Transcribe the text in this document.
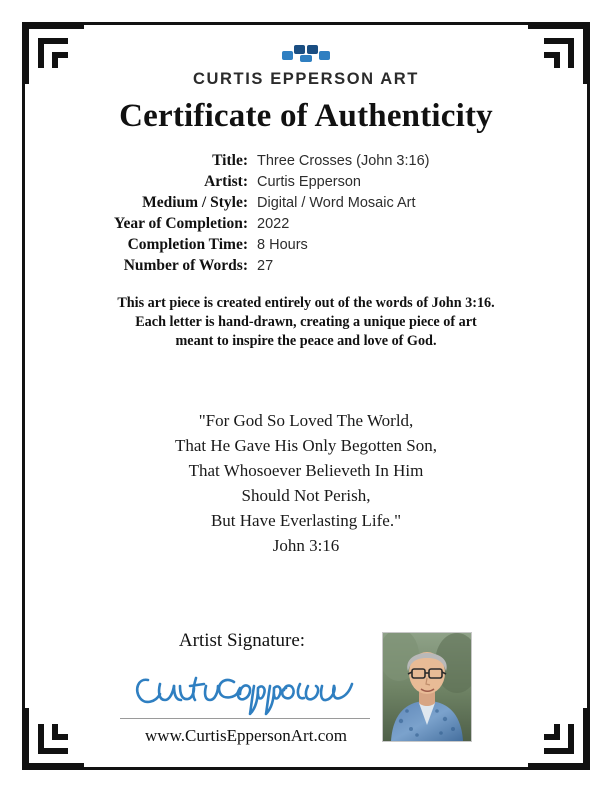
CURTIS EPPERSON ART
Certificate of Authenticity
Title: Three Crosses (John 3:16)
Artist: Curtis Epperson
Medium / Style: Digital / Word Mosaic Art
Year of Completion: 2022
Completion Time: 8 Hours
Number of Words: 27
This art piece is created entirely out of the words of John 3:16.
Each letter is hand-drawn, creating a unique piece of art
meant to inspire the peace and love of God.
"For God So Loved The World,
That He Gave His Only Begotten Son,
That Whosoever Believeth In Him
Should Not Perish,
But Have Everlasting Life."
John 3:16
Artist Signature:
www.CurtisEppersonArt.com
